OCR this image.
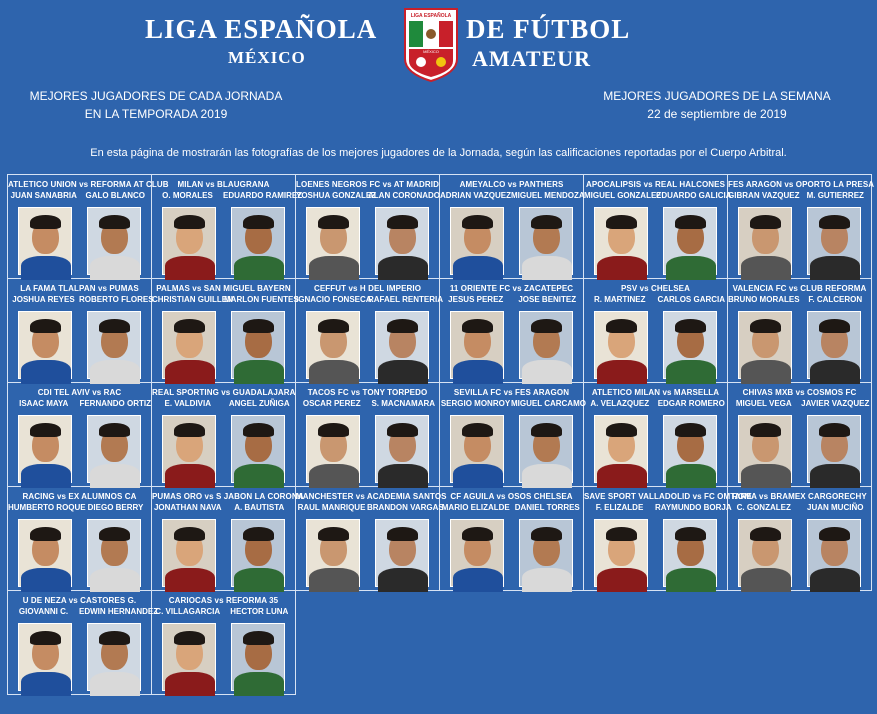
LIGA ESPAÑOLA	DE FÚTBOL
MÉXICO	AMATEUR
LIGA ESPAÑOLA
MÉXICO
MEJORES JUGADORES DE CADA JORNADA
EN LA TEMPORADA 2019
MEJORES JUGADORES DE LA SEMANA
22 de septiembre de 2019
En esta página de mostrarán las fotografías de los mejores jugadores de la Jornada, según las calificaciones reportadas por el Cuerpo Arbitral.
ATLETICO UNION vs REFORMA AT CLUB
JUAN SANABRIA	GALO BLANCO
MILAN vs BLAUGRANA
O. MORALES	EDUARDO RAMIREZ
LOENES NEGROS FC vs AT MADRID
YOSHUA GONZALEZ
ALAN CORONADO
AMEYALCO vs PANTHERS
ADRIAN VAZQUEZ MIGUEL MENDOZA
APOCALIPSIS vs REAL HALCONES
MIGUEL GONZALEZ
EDUARDO GALICIA
FES ARAGON vs OPORTO LA PRESA
GIBRAN VAZQUEZ M. GUTIERREZ
LA FAMA TLALPAN vs PUMAS
JOSHUA REYES ROBERTO FLORES
PALMAS vs SAN MIGUEL BAYERN
CHRISTIAN GUILLEN
MARLON FUENTES
CEFFUT vs H DEL IMPERIO
IGNACIO FONSECA
RAFAEL RENTERIA
11 ORIENTE FC vs ZACATEPEC
JESUS PEREZ	JOSE BENITEZ
PSV vs CHELSEA
R. MARTINEZ	CARLOS GARCIA
VALENCIA FC vs CLUB REFORMA
BRUNO MORALES	F. CALCERON
CDI TEL AVIV vs RAC
ISAAC MAYA	FERNANDO ORTIZ
REAL SPORTING vs GUADALAJARA
E. VALDIVIA	ANGEL ZUÑIGA
TACOS FC vs TONY TORPEDO
OSCAR PEREZ	S. MACNAMARA
SEVILLA FC vs FES ARAGON
SERGIO MONROY MIGUEL CARCAMO
ATLETICO MILAN vs MARSELLA
A. VELAZQUEZ	EDGAR ROMERO
CHIVAS MXB vs COSMOS FC
MIGUEL VEGA	JAVIER VAZQUEZ
RACING vs EX ALUMNOS CA
HUMBERTO ROQUE DIEGO BERRY
PUMAS ORO vs S JABON LA CORONA
JONATHAN NAVA	A. BAUTISTA
MANCHESTER vs ACADEMIA SANTOS
RAUL MANRIQUE BRANDON VARGAS
CF AGUILA vs OSOS CHELSEA
MARIO ELIZALDE DANIEL TORRES
SAVE SPORT VALLADOLID vs FC OMTARE
F. ELIZALDE	RAYMUNDO BORJA
ROMA vs BRAMEX CARGORECHY
C. GONZALEZ	JUAN MUCIÑO
U DE NEZA vs CASTORES G.
GIOVANNI C.	EDWIN HERNANDEZ
CARIOCAS vs REFORMA 35
C. VILLAGARCIA	HECTOR LUNA
